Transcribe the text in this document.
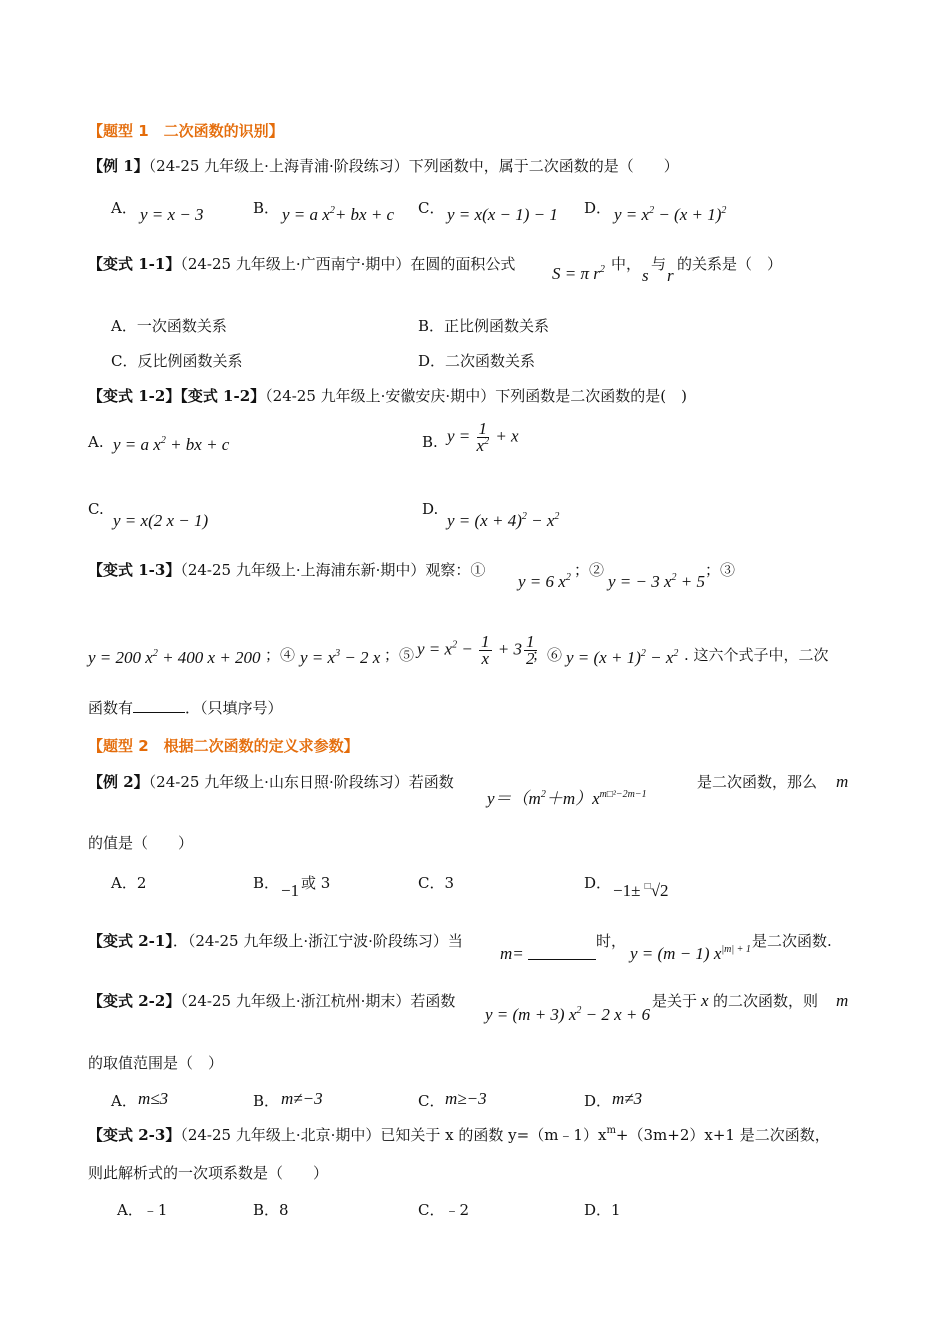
【题型 1　二次函数的识别】
【例 1】（24-25 九年级上·上海青浦·阶段练习）下列函数中，属于二次函数的是（　　）
A． y = x − 3	B． y = a $x^2+$ bx + c C． y = x(x − 1) − 1 D． $y = x^2 - (x + 1)^2$
【变式 1-1】（24-25 九年级上·广西南宁·期中）在圆的面积公式 S = π $r^2$ 中，
s
与
r
的关系是（　）
A．一次函数关系	B．正比例函数关系
C．反比例函数关系	D．二次函数关系
【变式 1-2】【变式 1-2】（24-25 九年级上·安徽安庆·期中）下列函数是二次函数的是(　)
A. y = a $x^2$ + bx + c	B. $y = \frac{1}{x^2} + x$
C.
y = x(2 x − 1)
D.
$y = (x + 4)^2 - x^2$
【变式 1-3】（24-25 九年级上·上海浦东新·期中）观察：①
y = 6 $x^2$ ；②
y = − 3 $x^2 + 5$
；③
y = 200 $x^2 + 400$ x + 200 ；④ $y = x^3 - 2$ x ；⑤ $y = x^2 - \frac{1}{x} + 3 \frac{1}{2}$
；⑥ $y = (x + 1)^2 - x^2$ . 这六个式子中，二次
函数有	．（只填序号）
【题型 2　根据二次函数的定义求参数】
【例 2】（24-25 九年级上·山东日照·阶段练习）若函数
$y=(m^2+m)x^{m□^2-2m-1}$
是二次函数，那么 m
的值是（　　）
A．2	B． −1 或 3	C．3	D． −1± □√2
【变式 2-1】．（24-25 九年级上·浙江宁波·阶段练习）当
m=
时，
y = (m − 1) $x^{|m| + 1}$ 是二次函数.
【变式 2-2】（24-25 九年级上·浙江杭州·期末）若函数
y = (m + 3) $x^2 - 2$ x + 6
是关于 x 的二次函数，则 m
的取值范围是（　）
A． m≤3	B． m≠−3	C． m≥−3	D． m≠3
【变式 2-3】（24-25 九年级上·北京·期中）已知关于 x 的函数 $y=(m﹣1)x^m+(3m+2)x+1$ 是二次函数，
则此解析式的一次项系数是（　　）
A．﹣1	B．8	C．﹣2	D．1
